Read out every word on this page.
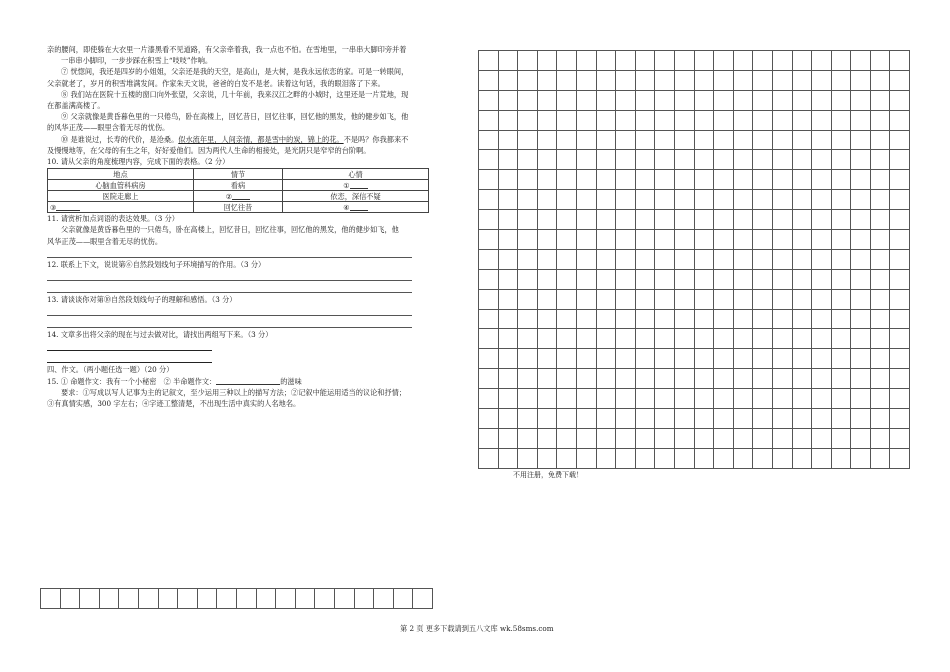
亲的腰间，即使躲在大衣里一片漆黑看不见道路，有父亲牵着我，我一点也不怕。在雪地里，一串串大脚印旁并着
一串串小脚印，一步步踩在积雪上“吱吱”作响。
⑦ 恍惚间，我还是四岁的小姐姐，父亲还是我的天空，是高山，是大树，是我永远依恋的家。可是一转眼间，
父亲就老了，岁月的积雪堆满发间。作家朱天文说，爸爸的白发不是老。读着这句话，我的眼泪落了下来。
⑧ 我们站在医院十五楼的窗口向外张望，父亲说，几十年前，我来汉江之畔的小城时，这里还是一片荒地，现
在都盖满高楼了。
⑨ 父亲就像是黄昏暮色里的一只倦鸟，卧在高楼上，回忆昔日，回忆往事，回忆他的黑发，他的健步如飞，他
的风华正茂——眼里含着无尽的忧伤。
⑩ 是谁说过，长寿的代价，是沧桑。似水流年里，人间亲情，都是雪中的炭，锦上的花。不是吗？你我都来不
及慢慢地等，在父母的有生之年，好好爱他们。因为两代人生命的相接处，是光阴只是窄窄的台阶啊。
10. 请从父亲的角度梳理内容，完成下面的表格。（2 分）
地点	情节	心情
心脑血管科病房	看病	①
医院走廊上	②	依恋，深信不疑
③	回忆往昔	④
11. 请赏析加点词语的表达效果。（3 分）
父亲就像是黄昏暮色里的一只倦鸟，卧在高楼上，回忆昔日，回忆往事，回忆他的黑发，他的健步如飞，他
风华正茂——眼里含着无尽的忧伤。
12. 联系上下文，说说第⑥自然段划线句子环境描写的作用。（3 分）
13. 请谈谈你对第⑩自然段划线句子的理解和感悟。（3 分）
14. 文章多出将父亲的现在与过去做对比，请找出两组写下来。（3 分）
四、作文。（两小题任选一题）（20 分）
15. ① 命题作文：我有一个小秘密　② 半命题作文：	的滋味
要求：①写成以写人记事为主的记叙文，至少运用三种以上的描写方法；②记叙中能运用适当的议论和抒情；
③有真情实感，300 字左右；④字迹工整清楚，不出现生活中真实的人名地名。

不用注册，免费下载！

第 2 页 更多下载请到五八文库 wk.58sms.com
